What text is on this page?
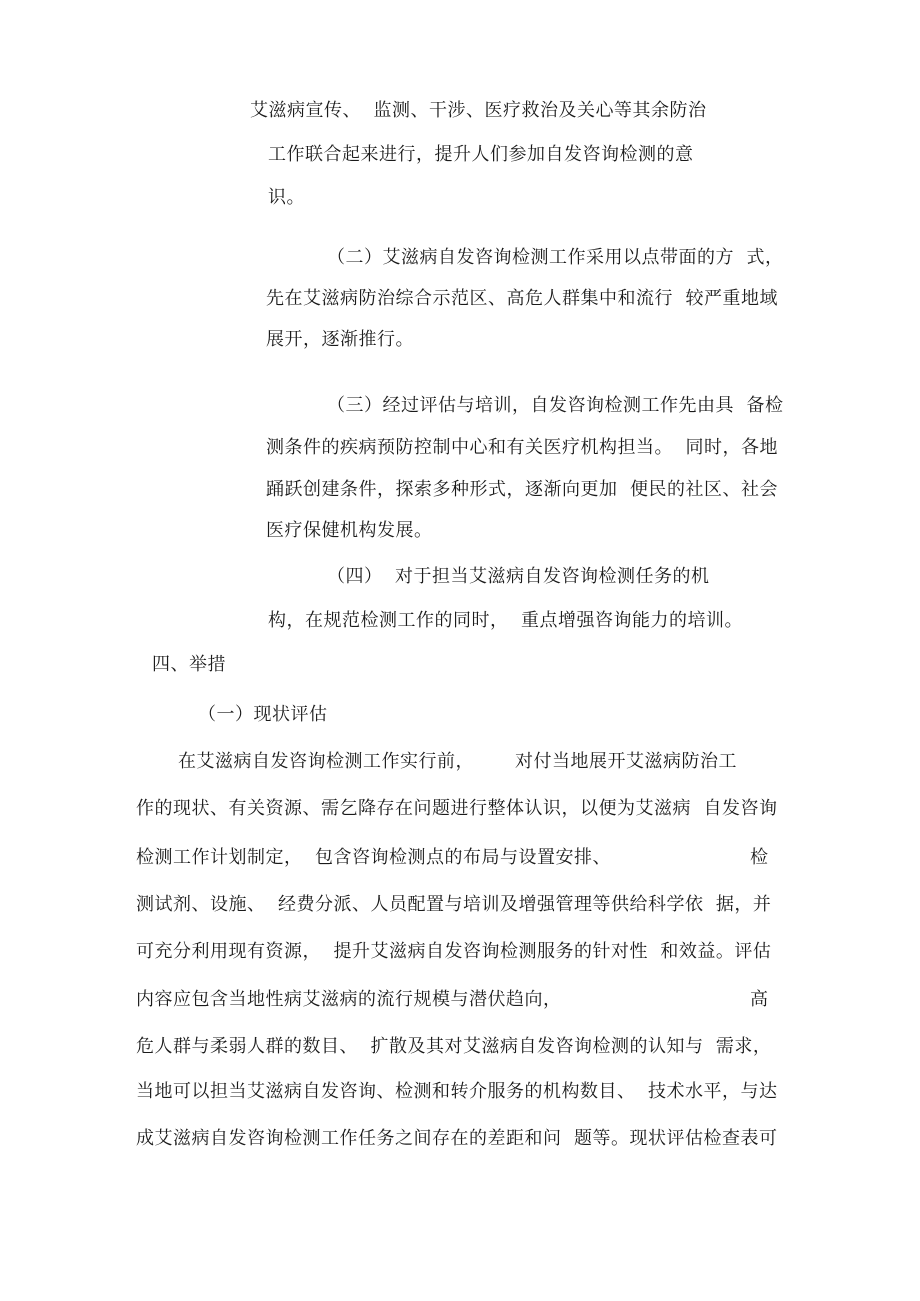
艾滋病宣传、  监测、干涉、医疗救治及关心等其余防治
工作联合起来进行，提升人们参加自发咨询检测的意
识。
（二）艾滋病自发咨询检测工作采用以点带面的方  式，
先在艾滋病防治综合示范区、高危人群集中和流行  较严重地域
展开，逐渐推行。
（三）经过评估与培训，自发咨询检测工作先由具  备检
测条件的疾病预防控制中心和有关医疗机构担当。  同时，各地
踊跃创建条件，探索多种形式，逐渐向更加  便民的社区、社会
医疗保健机构发展。
（四）  对于担当艾滋病自发咨询检测任务的机
构，在规范检测工作的同时，  重点增强咨询能力的培训。
四、举措
（一）现状评估
在艾滋病自发咨询检测工作实行前， 对付当地展开艾滋病防治工
作的现状、有关资源、需乞降存在问题进行整体认识，以便为艾滋病  自发咨询
检测工作计划制定，  包含咨询检测点的布局与设置安排、	检
测试剂、设施、  经费分派、人员配置与培训及增强管理等供给科学依  据，并
可充分利用现有资源，  提升艾滋病自发咨询检测服务的针对性  和效益。评估
内容应包含当地性病艾滋病的流行规模与潜伏趋向，	高
危人群与柔弱人群的数目、  扩散及其对艾滋病自发咨询检测的认知与  需求，
当地可以担当艾滋病自发咨询、检测和转介服务的机构数目、  技术水平，与达
成艾滋病自发咨询检测工作任务之间存在的差距和问  题等。现状评估检查表可
